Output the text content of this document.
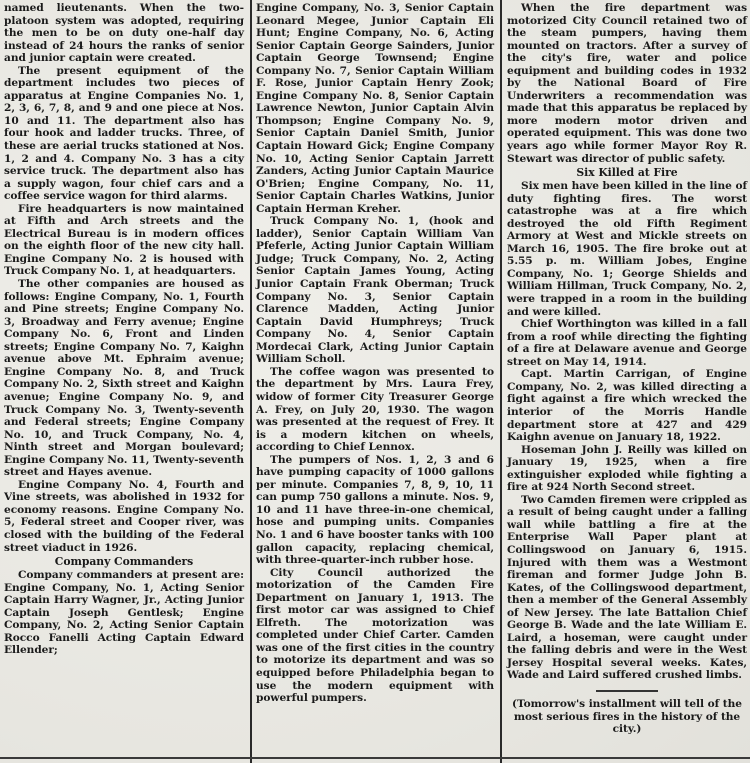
named lieutenants. When the two-platoon system was adopted, requiring the men to be on duty one-half day instead of 24 hours the ranks of senior and junior captain were created.

The present equipment of the department includes two pieces of apparatus at Engine Companies No. 1, 2, 3, 6, 7, 8, and 9 and one piece at Nos. 10 and 11. The department also has four hook and ladder trucks. Three, of these are aerial trucks stationed at Nos. 1, 2 and 4. Company No. 3 has a city service truck. The department also has a supply wagon, four chief cars and a coffee service wagon for third alarms.

Fire headquarters is now maintained at Fifth and Arch streets and the Electrical Bureau is in modern offices on the eighth floor of the new city hall. Engine Company No. 2 is housed with Truck Company No. 1, at headquarters.

The other companies are housed as follows: Engine Company, No. 1, Fourth and Pine streets; Engine Company No. 3, Broadway and Ferry avenue; Engine Company No. 6, Front and Linden streets; Engine Company No. 7, Kaighn avenue above Mt. Ephraim avenue; Engine Company No. 8, and Truck Company No. 2, Sixth street and Kaighn avenue; Engine Company No. 9, and Truck Company No. 3, Twenty-seventh and Federal streets; Engine Company No. 10, and Truck Company, No. 4, Ninth street and Morgan boulevard; Engine Company No. 11, Twenty-seventh street and Hayes avenue.

Engine Company No. 4, Fourth and Vine streets, was abolished in 1932 for economy reasons. Engine Company No. 5, Federal street and Cooper river, was closed with the building of the Federal street viaduct in 1926.

Company Commanders

Company commanders at present are: Engine Company, No. 1, Acting Senior Captain Harry Wagner, Jr., Acting Junior Captain Joseph Gentlesk; Engine Company, No. 2, Acting Senior Captain Rocco Fanelli Acting Captain Edward Ellender;

Engine Company, No. 3, Senior Captain Leonard Megee, Junior Captain Eli Hunt; Engine Company, No. 6, Acting Senior Captain George Sainders, Junior Captain George Townsend; Engine Company No. 7, Senior Captain William F. Rose, Junior Captain Henry Zook; Engine Company No. 8, Senior Captain Lawrence Newton, Junior Captain Alvin Thompson; Engine Company No. 9, Senior Captain Daniel Smith, Junior Captain Howard Gick; Engine Company No. 10, Acting Senior Captain Jarrett Zanders, Acting Junior Captain Maurice O'Brien; Engine Company, No. 11, Senior Captain Charles Watkins, Junior Captain Herman Kreher.

Truck Company No. 1, (hook and ladder), Senior Captain William Van Pfeferle, Acting Junior Captain William Judge; Truck Company, No. 2, Acting Senior Captain James Young, Acting Junior Captain Frank Oberman; Truck Company No. 3, Senior Captain Clarence Madden, Acting Junior Captain David Humphreys; Truck Company No. 4, Senior Captain Mordecai Clark, Acting Junior Captain William Scholl.

The coffee wagon was presented to the department by Mrs. Laura Frey, widow of former City Treasurer George A. Frey, on July 20, 1930. The wagon was presented at the request of Frey. It is a modern kitchen on wheels, according to Chief Lennox.

The pumpers of Nos. 1, 2, 3 and 6 have pumping capacity of 1000 gallons per minute. Companies 7, 8, 9, 10, 11 can pump 750 gallons a minute. Nos. 9, 10 and 11 have three-in-one chemical, hose and pumping units. Companies No. 1 and 6 have booster tanks with 100 gallon capacity, replacing chemical, with three-quarter-inch rubber hose.

City Council authorized the motorization of the Camden Fire Department on January 1, 1913. The first motor car was assigned to Chief Elfreth. The motorization was completed under Chief Carter. Camden was one of the first cities in the country to motorize its department and was so equipped before Philadelphia began to use the modern equipment with powerful pumpers.

When the fire department was motorized City Council retained two of the steam pumpers, having them mounted on tractors. After a survey of the city's fire, water and police equipment and building codes in 1932 by the National Board of Fire Underwriters a recommendation was made that this apparatus be replaced by more modern motor driven and operated equipment. This was done two years ago while former Mayor Roy R. Stewart was director of public safety.

Six Killed at Fire

Six men have been killed in the line of duty fighting fires. The worst catastrophe was at a fire which destroyed the old Fifth Regiment Armory at West and Mickle streets on March 16, 1905. The fire broke out at 5.55 p. m. William Jobes, Engine Company, No. 1; George Shields and William Hillman, Truck Company, No. 2, were trapped in a room in the building and were killed.

Chief Worthington was killed in a fall from a roof while directing the fighting of a fire at Delaware avenue and George street on May 14, 1914.

Capt. Martin Carrigan, of Engine Company, No. 2, was killed directing a fight against a fire which wrecked the interior of the Morris Handle department store at 427 and 429 Kaighn avenue on January 18, 1922.

Hoseman John J. Reilly was killed on January 19, 1925, when a fire extinguisher exploded while fighting a fire at 924 North Second street.

Two Camden firemen were crippled as a result of being caught under a falling wall while battling a fire at the Enterprise Wall Paper plant at Collingswood on January 6, 1915. Injured with them was a Westmont fireman and former Judge John B. Kates, of the Collingswood department, then a member of the General Assembly of New Jersey. The late Battalion Chief George B. Wade and the late William E. Laird, a hoseman, were caught under the falling debris and were in the West Jersey Hospital several weeks. Kates, Wade and Laird suffered crushed limbs.

(Tomorrow's installment will tell of the most serious fires in the history of the city.)
